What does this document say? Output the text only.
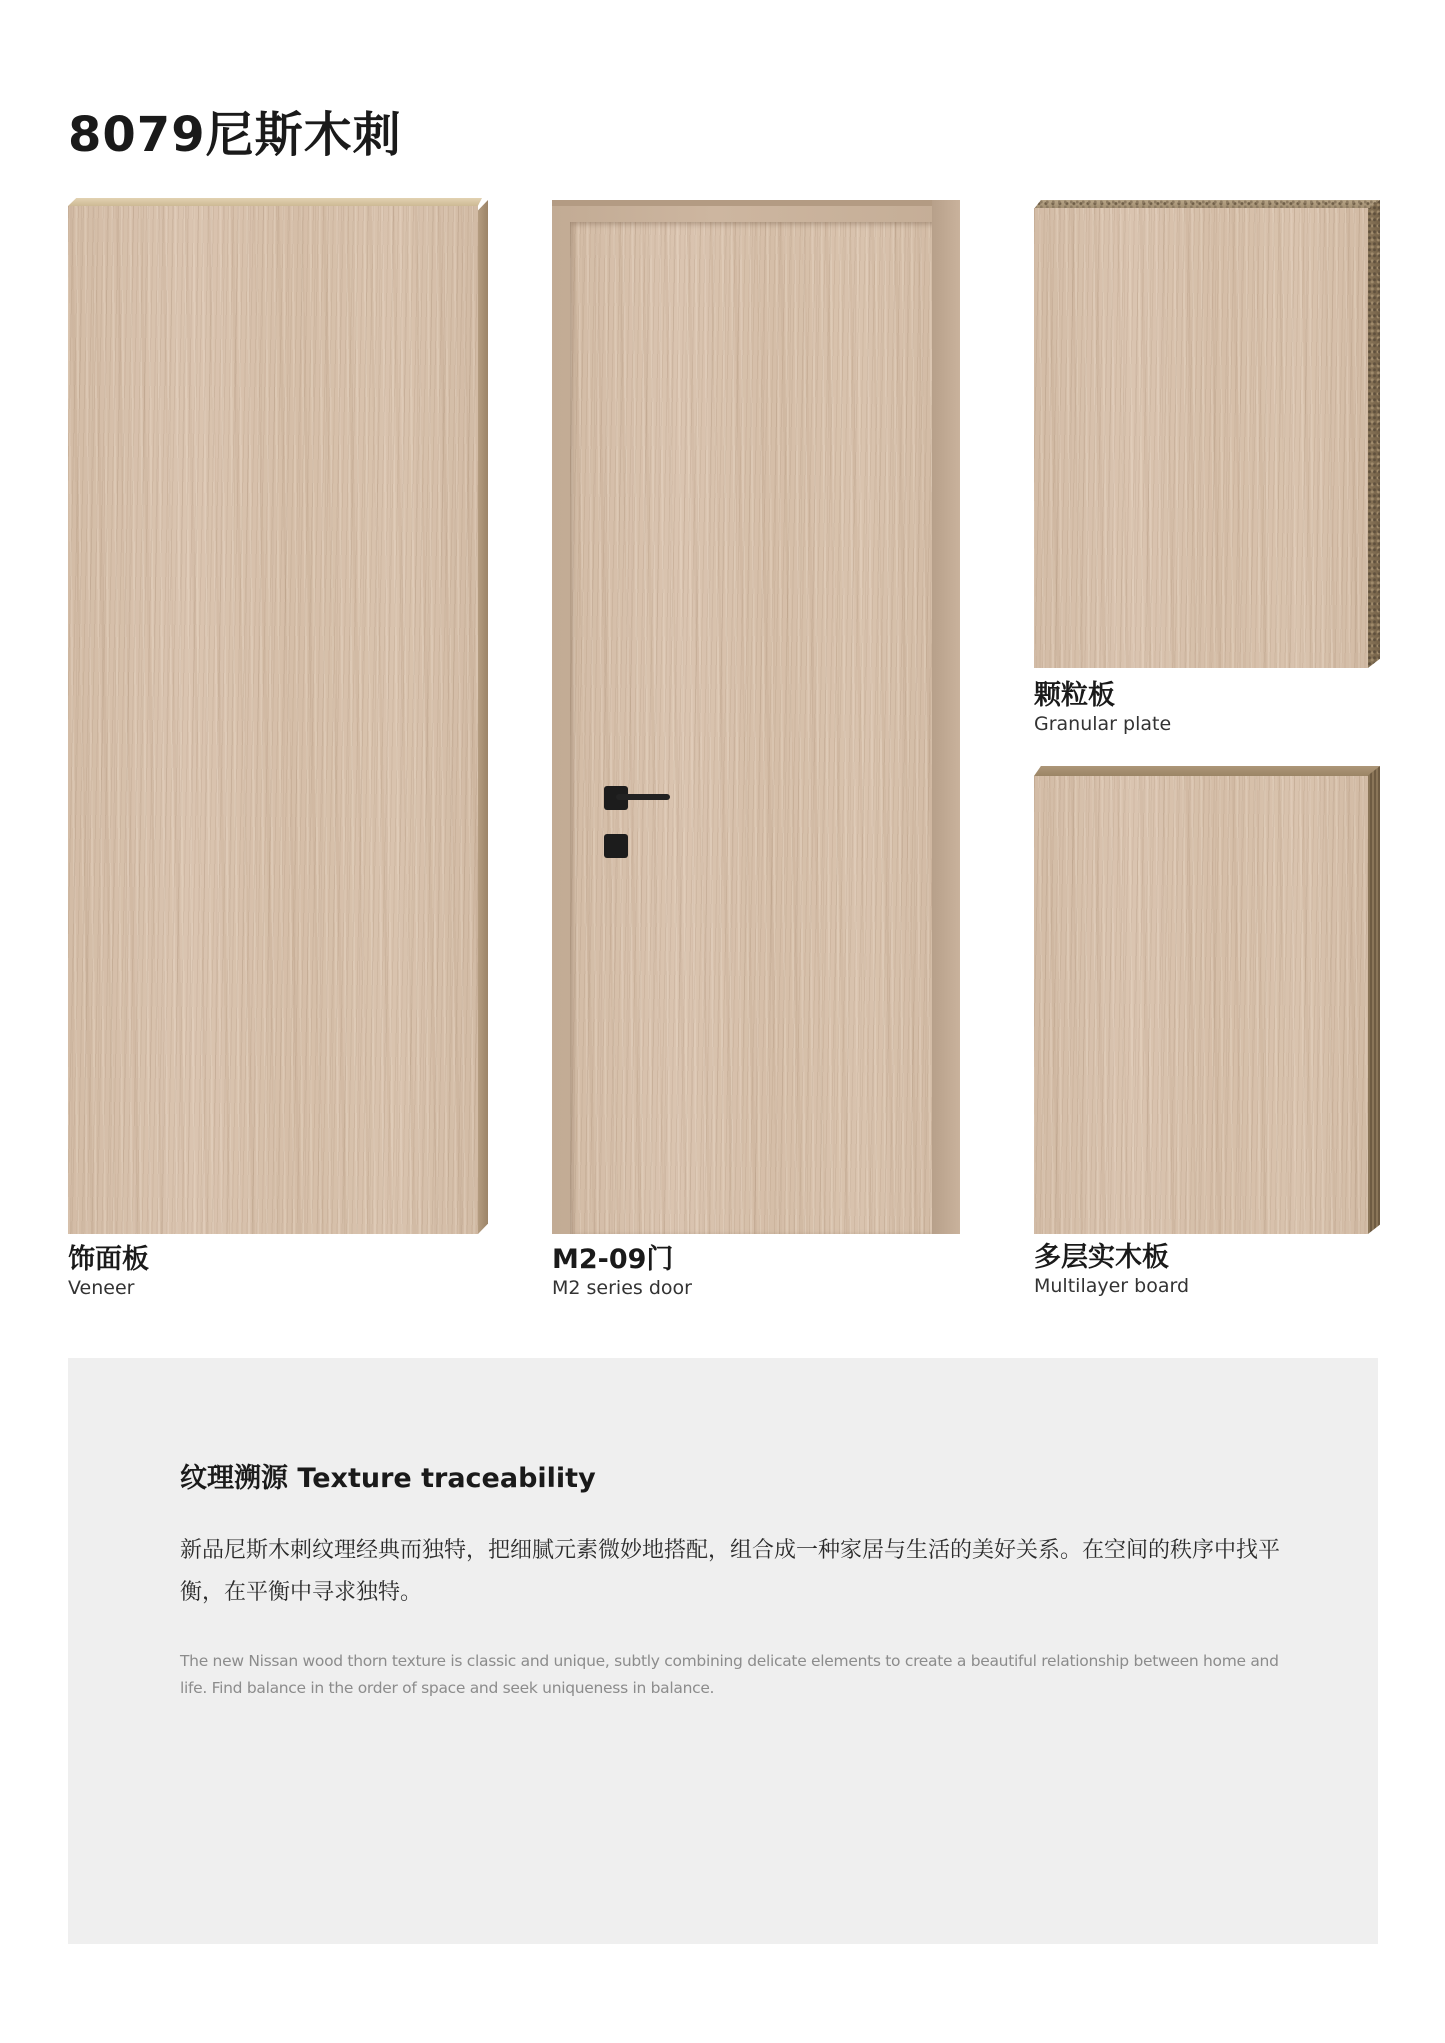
8079尼斯木刺

饰面板

Veneer

M2-09门

M2 series door

颗粒板

Granular plate

多层实木板

Multilayer board

纹理溯源 Texture traceability

新品尼斯木刺纹理经典而独特，把细腻元素微妙地搭配，组合成一种家居与生活的美好关系。在空间的秩序中找平衡，在平衡中寻求独特。

The new Nissan wood thorn texture is classic and unique, subtly combining delicate elements to create a beautiful relationship between home and life. Find balance in the order of space and seek uniqueness in balance.
